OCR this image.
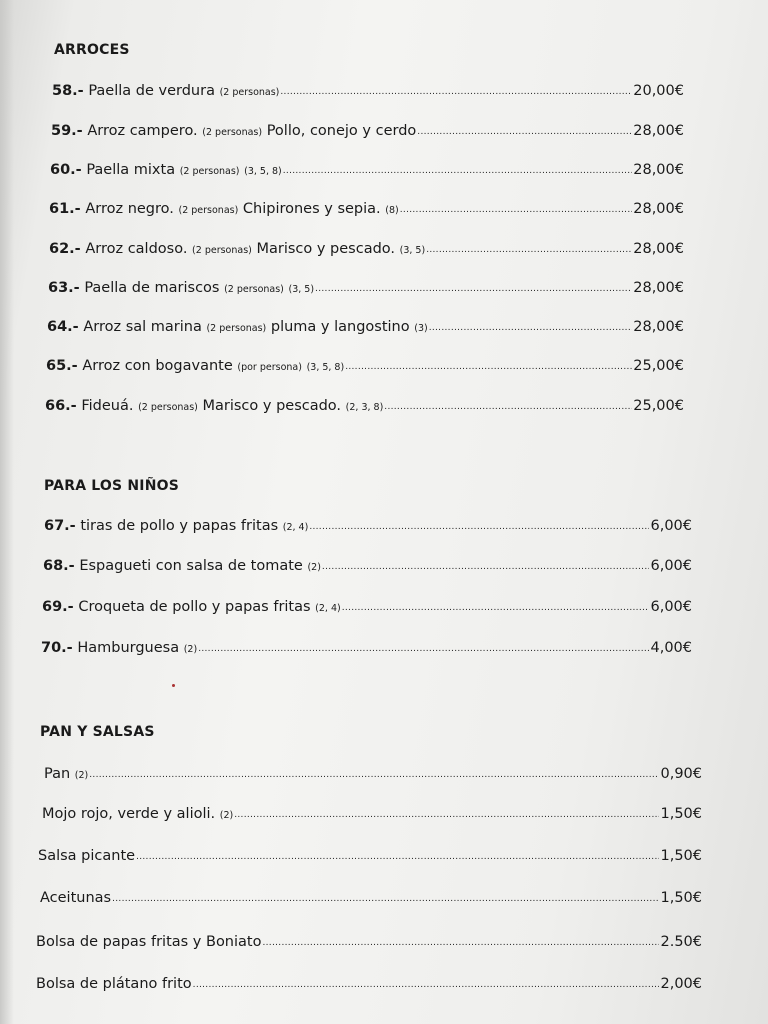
ARROCES
58.- Paella de verdura (2 personas) .....	20,00€
59.- Arroz campero. (2 personas) Pollo, conejo y cerdo .....	28,00€
60.- Paella mixta (2 personas) (3, 5, 8) .....	28,00€
61.- Arroz negro. (2 personas) Chipirones y sepia. (8) .....	28,00€
62.- Arroz caldoso. (2 personas) Marisco y pescado. (3, 5) .....	28,00€
63.- Paella de mariscos (2 personas) (3, 5) .....	28,00€
64.- Arroz sal marina (2 personas) pluma y langostino (3) .....	28,00€
65.- Arroz con bogavante (por persona) (3, 5, 8) .....	25,00€
66.- Fideuá. (2 personas) Marisco y pescado. (2, 3, 8) .....	25,00€
PARA LOS NIÑOS
67.- tiras de pollo y papas fritas (2, 4) .....	6,00€
68.- Espagueti con salsa de tomate (2) .....	6,00€
69.- Croqueta de pollo y papas fritas (2, 4) .....	6,00€
70.- Hamburguesa (2) .....	4,00€
PAN Y SALSAS
Pan (2) .....	0,90€
Mojo rojo, verde y alioli. (2) .....	1,50€
Salsa picante .....	1,50€
Aceitunas .....	1,50€
Bolsa de papas fritas y Boniato .....	2.50€
Bolsa de plátano frito .....	2,00€
